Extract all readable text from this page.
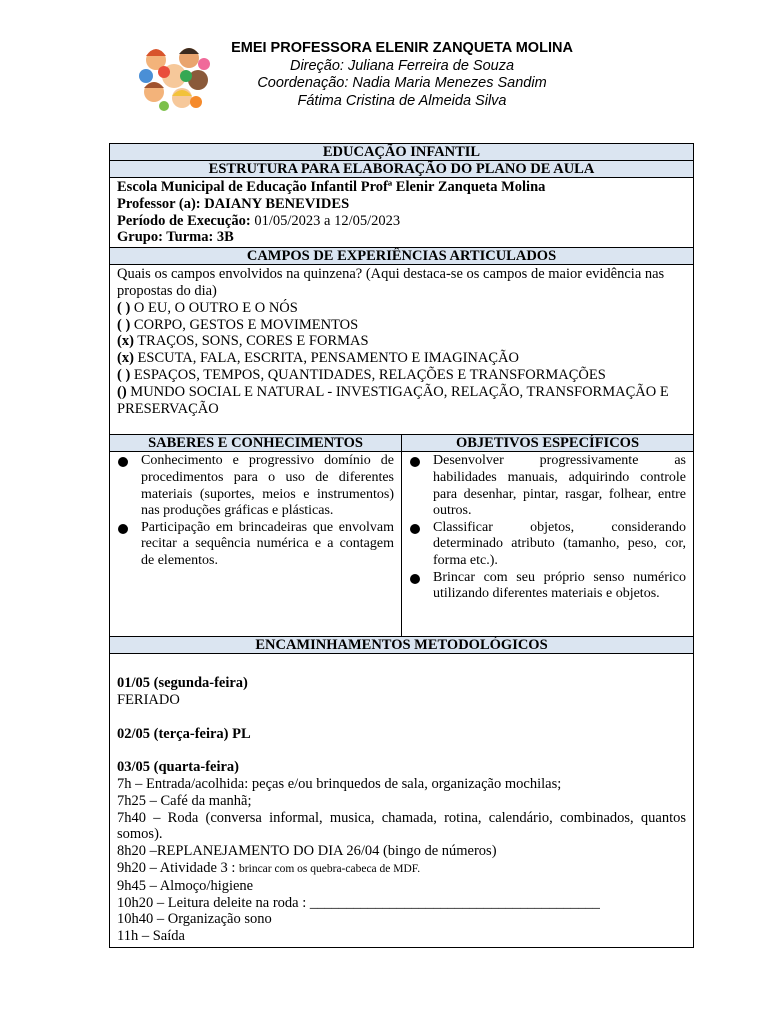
EMEI PROFESSORA ELENIR ZANQUETA MOLINA
Direção: Juliana Ferreira de Souza
Coordenação: Nadia Maria Menezes Sandim
Fátima Cristina de Almeida Silva
EDUCAÇÃO INFANTIL
ESTRUTURA PARA ELABORAÇÃO DO PLANO DE AULA
Escola Municipal de Educação Infantil Profª Elenir Zanqueta Molina
Professor (a): DAIANY BENEVIDES
Período de Execução: 01/05/2023 a 12/05/2023
Grupo: Turma: 3B
CAMPOS DE EXPERIÊNCIAS ARTICULADOS
Quais os campos envolvidos na quinzena? (Aqui destaca-se os campos de maior evidência nas propostas do dia)
( ) O EU, O OUTRO E O NÓS
( ) CORPO, GESTOS E MOVIMENTOS
(x) TRAÇOS, SONS, CORES E FORMAS
(x) ESCUTA, FALA, ESCRITA, PENSAMENTO E IMAGINAÇÃO
( ) ESPAÇOS, TEMPOS, QUANTIDADES, RELAÇÕES E TRANSFORMAÇÕES
() MUNDO SOCIAL E NATURAL - INVESTIGAÇÃO, RELAÇÃO, TRANSFORMAÇÃO E PRESERVAÇÃO
SABERES E CONHECIMENTOS	OBJETIVOS ESPECÍFICOS
Conhecimento e progressivo domínio de procedimentos para o uso de diferentes materiais (suportes, meios e instrumentos) nas produções gráficas e plásticas.
Participação em brincadeiras que envolvam recitar a sequência numérica e a contagem de elementos.
Desenvolver progressivamente as habilidades manuais, adquirindo controle para desenhar, pintar, rasgar, folhear, entre outros.
Classificar objetos, considerando determinado atributo (tamanho, peso, cor, forma etc.).
Brincar com seu próprio senso numérico utilizando diferentes materiais e objetos.
ENCAMINHAMENTOS METODOLÓGICOS

01/05 (segunda-feira)

FERIADO

02/05 (terça-feira) PL

03/05 (quarta-feira)

7h – Entrada/acolhida: peças e/ou brinquedos de sala, organização mochilas;

7h25 – Café da manhã;

7h40 – Roda (conversa informal, musica, chamada, rotina, calendário, combinados, quantos somos).

8h20 –REPLANEJAMENTO DO DIA 26/04 (bingo de números)

9h20 – Atividade 3 : brincar com os quebra-cabeca de MDF.

9h45 – Almoço/higiene

10h20 – Leitura deleite na roda : ________________________________________

10h40 – Organização sono

11h – Saída
